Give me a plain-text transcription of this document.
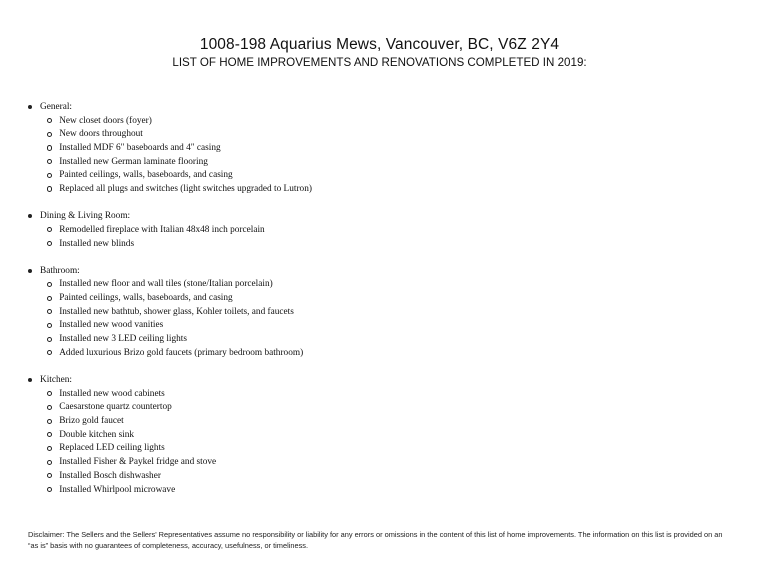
1008-198 Aquarius Mews, Vancouver, BC, V6Z 2Y4
LIST OF HOME IMPROVEMENTS AND RENOVATIONS COMPLETED IN 2019:
General:
New closet doors (foyer)
New doors throughout
Installed MDF 6" baseboards and 4" casing
Installed new German laminate flooring
Painted ceilings, walls, baseboards, and casing
Replaced all plugs and switches (light switches upgraded to Lutron)
Dining & Living Room:
Remodelled fireplace with Italian 48x48 inch porcelain
Installed new blinds
Bathroom:
Installed new floor and wall tiles (stone/Italian porcelain)
Painted ceilings, walls, baseboards, and casing
Installed new bathtub, shower glass, Kohler toilets, and faucets
Installed new wood vanities
Installed new 3 LED ceiling lights
Added luxurious Brizo gold faucets (primary bedroom bathroom)
Kitchen:
Installed new wood cabinets
Caesarstone quartz countertop
Brizo gold faucet
Double kitchen sink
Replaced LED ceiling lights
Installed Fisher & Paykel fridge and stove
Installed Bosch dishwasher
Installed Whirlpool microwave
Disclaimer: The Sellers and the Sellers' Representatives assume no responsibility or liability for any errors or omissions in the content of this list of home improvements. The information on this list is provided on an “as is” basis with no guarantees of completeness, accuracy, usefulness, or timeliness.
